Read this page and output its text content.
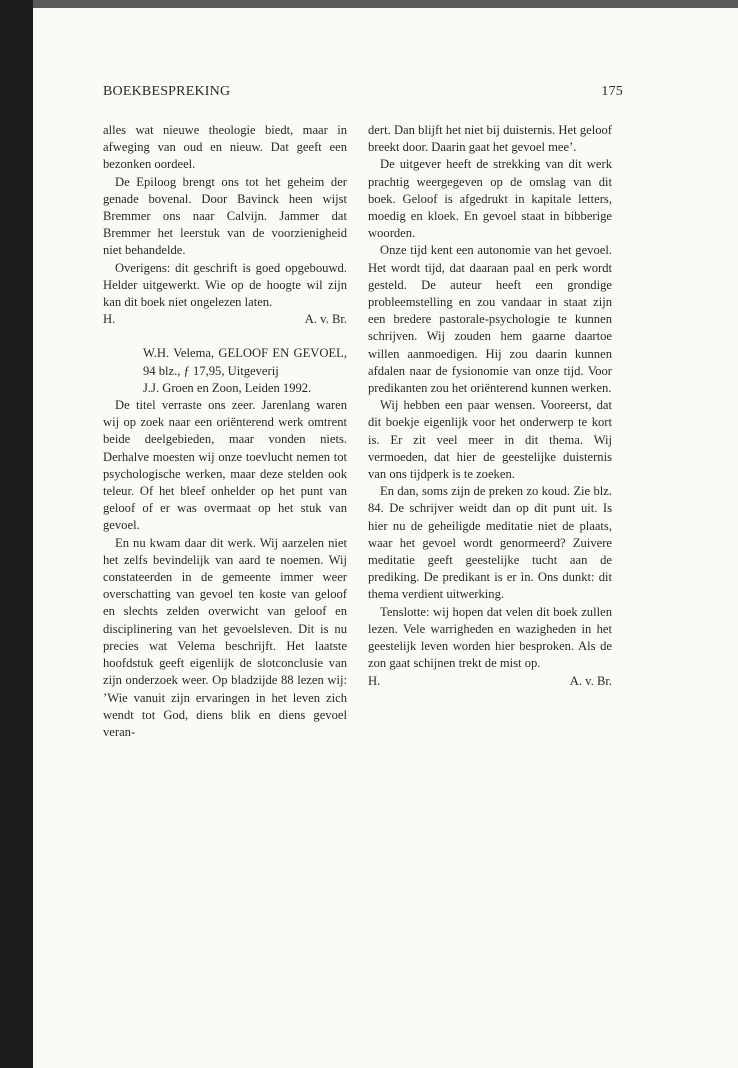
BOEKBESPREKING	175

alles wat nieuwe theologie biedt, maar in afweging van oud en nieuw. Dat geeft een bezonken oordeel.

De Epiloog brengt ons tot het geheim der genade bovenal. Door Bavinck heen wijst Bremmer ons naar Calvijn. Jammer dat Bremmer het leerstuk van de voorzienigheid niet behandelde.

Overigens: dit geschrift is goed opgebouwd. Helder uitgewerkt. Wie op de hoogte wil zijn kan dit boek niet ongelezen laten.

H.	A. v. Br.
W.H. Velema, GELOOF EN GEVOEL, 94 blz., ƒ 17,95, Uitgeverij
J.J. Groen en Zoon, Leiden 1992.

De titel verraste ons zeer. Jarenlang waren wij op zoek naar een oriënterend werk omtrent beide deelgebieden, maar vonden niets. Derhalve moesten wij onze toevlucht nemen tot psychologische werken, maar deze stelden ook teleur. Of het bleef onhelder op het punt van geloof of er was overmaat op het stuk van gevoel.

En nu kwam daar dit werk. Wij aarzelen niet het zelfs bevindelijk van aard te noemen. Wij constateerden in de gemeente immer weer overschatting van gevoel ten koste van geloof en slechts zelden overwicht van geloof en disciplinering van het gevoelsleven. Dit is nu precies wat Velema beschrijft. Het laatste hoofdstuk geeft eigenlijk de slotconclusie van zijn onderzoek weer. Op bladzijde 88 lezen wij: ’Wie vanuit zijn ervaringen in het leven zich wendt tot God, diens blik en diens gevoel veran-

dert. Dan blijft het niet bij duisternis. Het geloof breekt door. Daarin gaat het gevoel mee’.

De uitgever heeft de strekking van dit werk prachtig weergegeven op de omslag van dit boek. Geloof is afgedrukt in kapitale letters, moedig en kloek. En gevoel staat in bibberige woorden.

Onze tijd kent een autonomie van het gevoel. Het wordt tijd, dat daaraan paal en perk wordt gesteld. De auteur heeft een grondige probleemstelling en zou vandaar in staat zijn een bredere pastorale-psychologie te kunnen schrijven. Wij zouden hem gaarne daartoe willen aanmoedigen. Hij zou daarin kunnen afdalen naar de fysionomie van onze tijd. Voor predikanten zou het oriënterend kunnen werken.

Wij hebben een paar wensen. Vooreerst, dat dit boekje eigenlijk voor het onderwerp te kort is. Er zit veel meer in dit thema. Wij vermoeden, dat hier de geestelijke duisternis van ons tijdperk is te zoeken.

En dan, soms zijn de preken zo koud. Zie blz. 84. De schrijver weidt dan op dit punt uit. Is hier nu de geheiligde meditatie niet de plaats, waar het gevoel wordt genormeerd? Zuivere meditatie geeft geestelijke tucht aan de prediking. De predikant is er ìn. Ons dunkt: dit thema verdient uitwerking.

Tenslotte: wij hopen dat velen dit boek zullen lezen. Vele warrigheden en wazigheden in het geestelijk leven worden hier besproken. Als de zon gaat schijnen trekt de mist op.

H.	A. v. Br.
